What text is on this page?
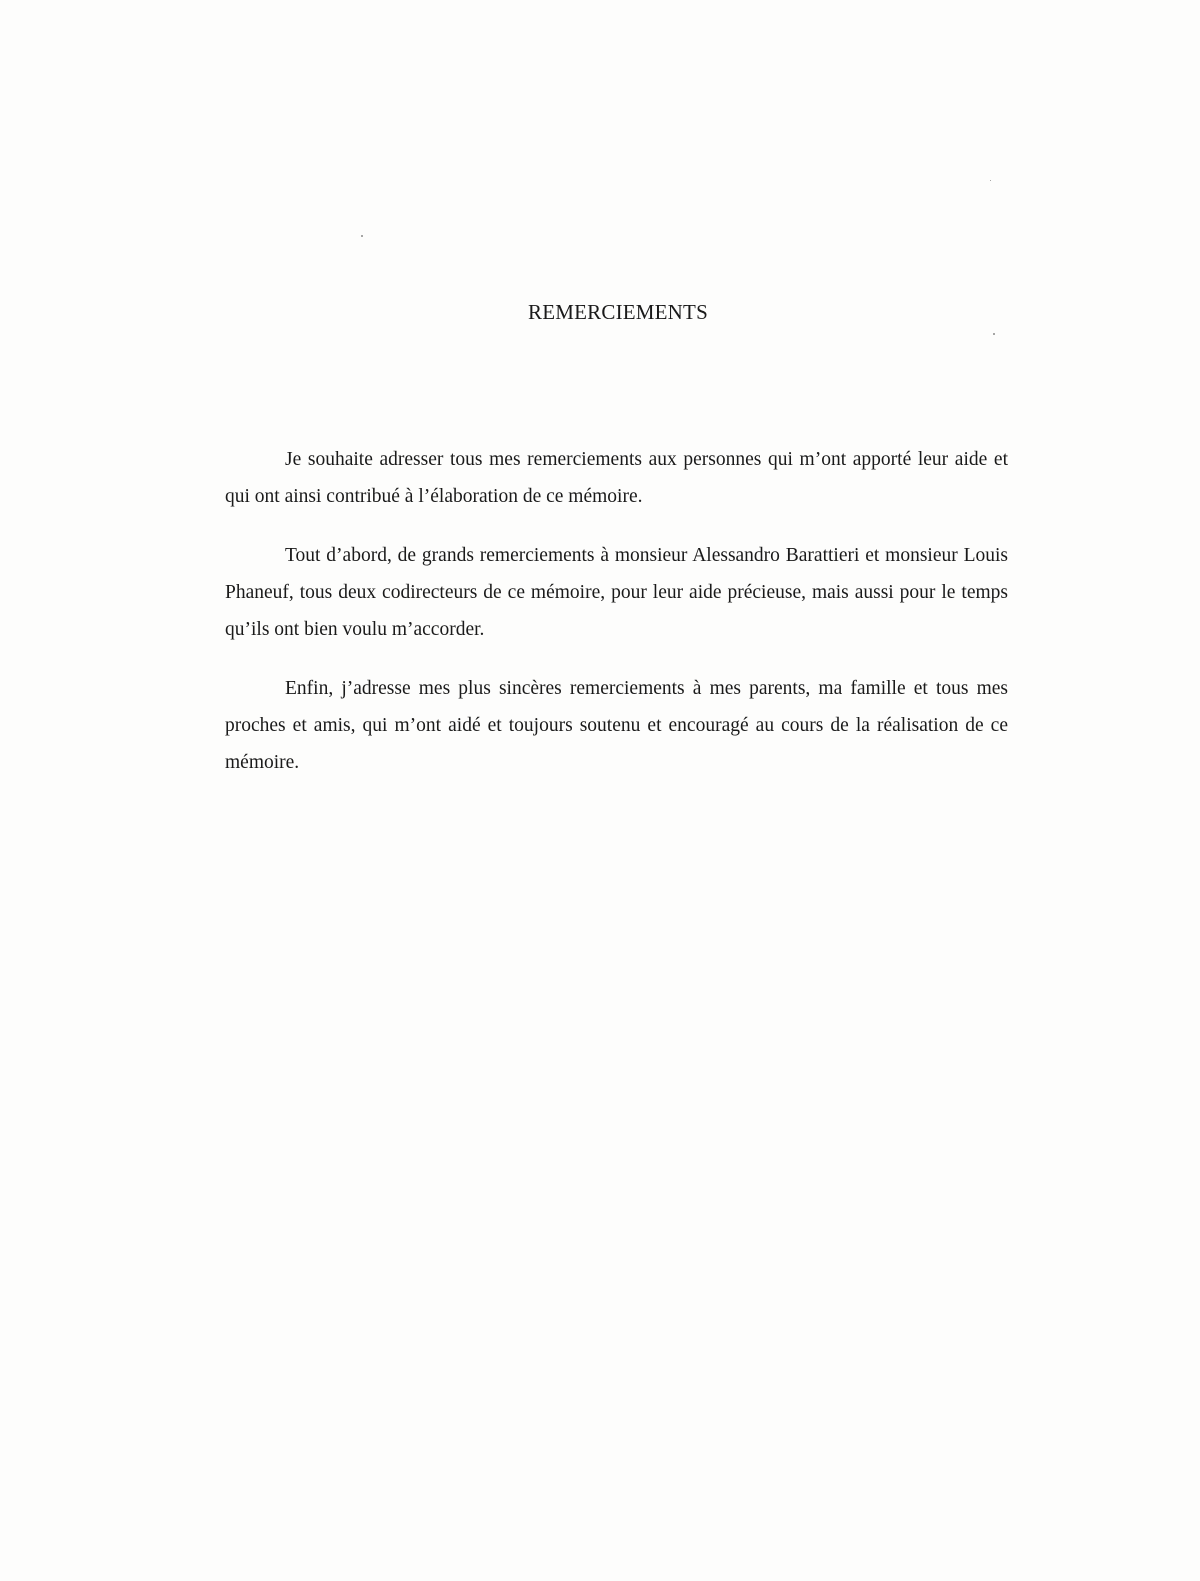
REMERCIEMENTS

Je souhaite adresser tous mes remerciements aux personnes qui m’ont apporté leur aide et qui ont ainsi contribué à l’élaboration de ce mémoire.

Tout d’abord, de grands remerciements à monsieur Alessandro Barattieri et monsieur Louis Phaneuf, tous deux codirecteurs de ce mémoire, pour leur aide précieuse, mais aussi pour le temps qu’ils ont bien voulu m’accorder.

Enfin, j’adresse mes plus sincères remerciements à mes parents, ma famille et tous mes proches et amis, qui m’ont aidé et toujours soutenu et encouragé au cours de la réalisation de ce mémoire.
